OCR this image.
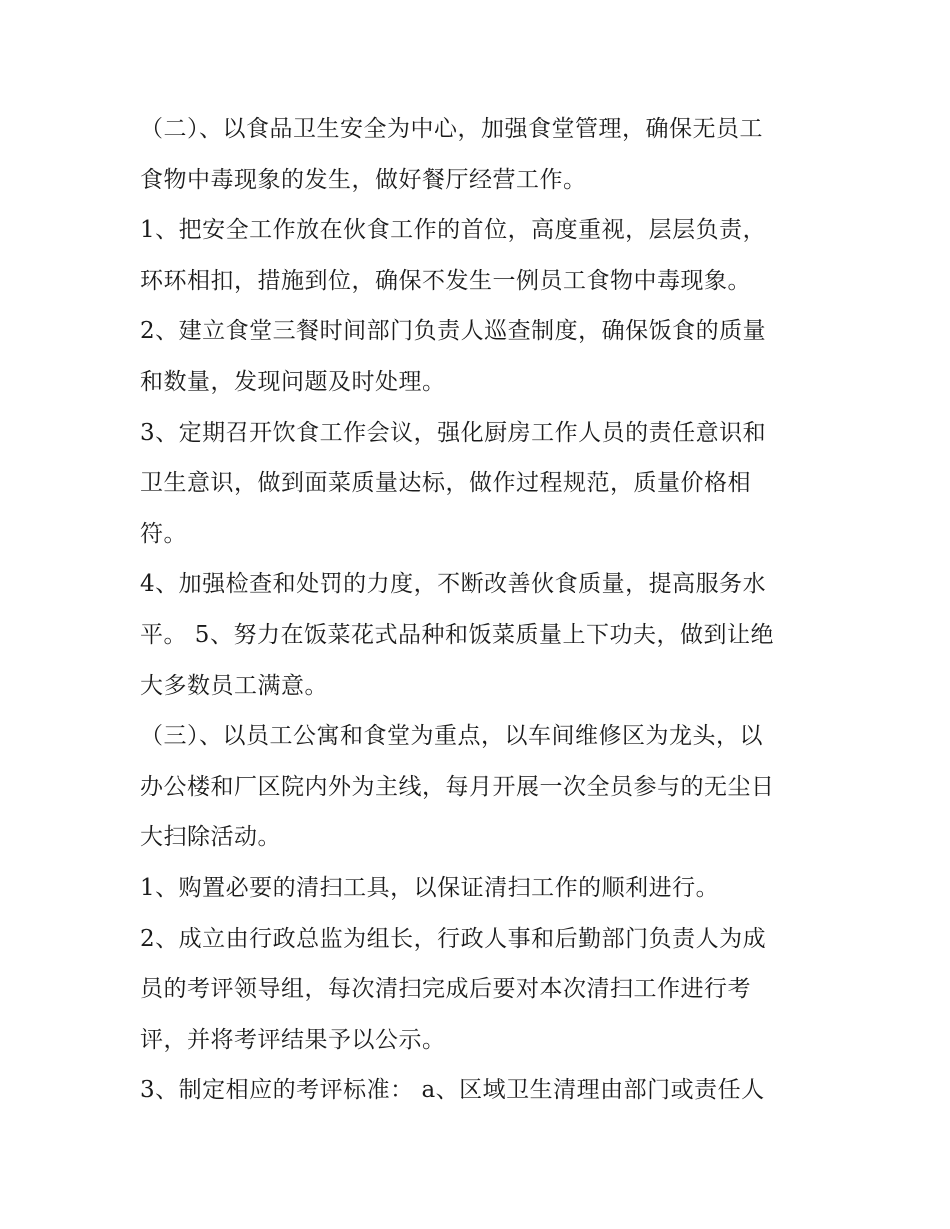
（二）、以食品卫生安全为中心，加强食堂管理，确保无员工
食物中毒现象的发生，做好餐厅经营工作。
1、把安全工作放在伙食工作的首位，高度重视，层层负责，
环环相扣，措施到位，确保不发生一例员工食物中毒现象。
2、建立食堂三餐时间部门负责人巡查制度，确保饭食的质量
和数量，发现问题及时处理。
3、定期召开饮食工作会议，强化厨房工作人员的责任意识和
卫生意识，做到面菜质量达标，做作过程规范，质量价格相
符。
4、加强检查和处罚的力度，不断改善伙食质量，提高服务水
平。 5、努力在饭菜花式品种和饭菜质量上下功夫，做到让绝
大多数员工满意。
（三）、以员工公寓和食堂为重点，以车间维修区为龙头，以
办公楼和厂区院内外为主线，每月开展一次全员参与的无尘日
大扫除活动。
1、购置必要的清扫工具，以保证清扫工作的顺利进行。
2、成立由行政总监为组长，行政人事和后勤部门负责人为成
员的考评领导组，每次清扫完成后要对本次清扫工作进行考
评，并将考评结果予以公示。
3、制定相应的考评标准： a、区域卫生清理由部门或责任人
